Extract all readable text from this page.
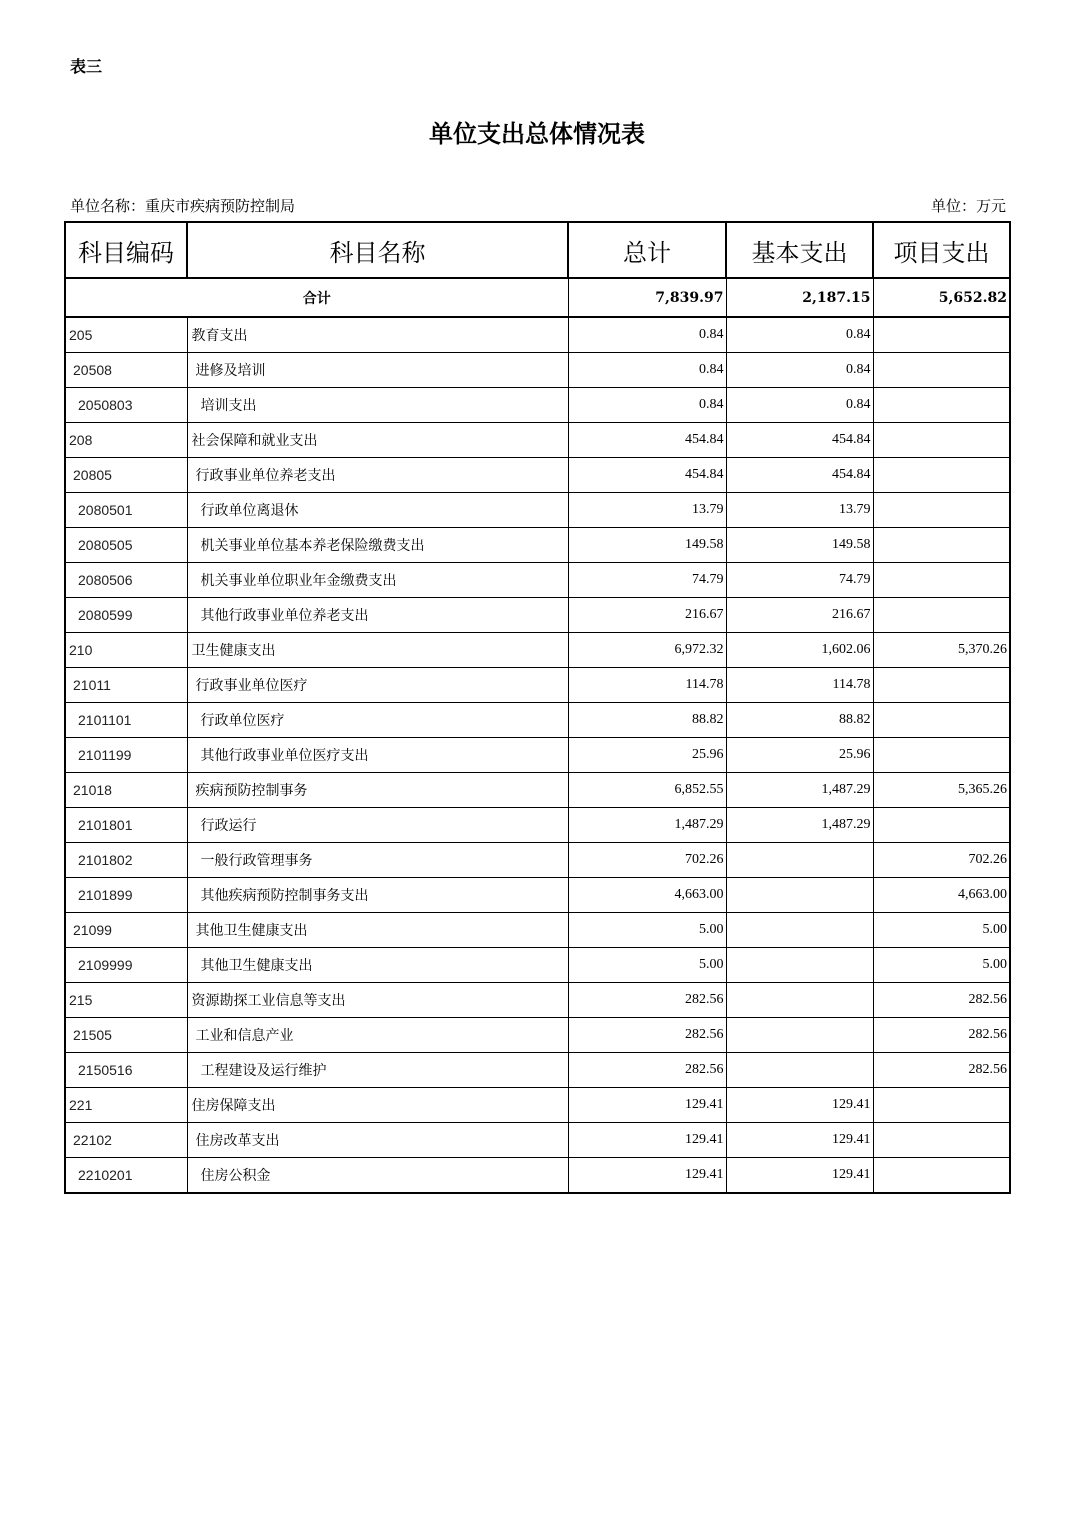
表三
单位支出总体情况表
单位名称：重庆市疾病预防控制局	单位：万元
科目编码	科目名称	总计	基本支出	项目支出
合计		7,839.97	2,187.15	5,652.82
205	教育支出	0.84	0.84	
20508	进修及培训	0.84	0.84	
2050803	培训支出	0.84	0.84	
208	社会保障和就业支出	454.84	454.84	
20805	行政事业单位养老支出	454.84	454.84	
2080501	行政单位离退休	13.79	13.79	
2080505	机关事业单位基本养老保险缴费支出	149.58	149.58	
2080506	机关事业单位职业年金缴费支出	74.79	74.79	
2080599	其他行政事业单位养老支出	216.67	216.67	
210	卫生健康支出	6,972.32	1,602.06	5,370.26
21011	行政事业单位医疗	114.78	114.78	
2101101	行政单位医疗	88.82	88.82	
2101199	其他行政事业单位医疗支出	25.96	25.96	
21018	疾病预防控制事务	6,852.55	1,487.29	5,365.26
2101801	行政运行	1,487.29	1,487.29	
2101802	一般行政管理事务	702.26		702.26
2101899	其他疾病预防控制事务支出	4,663.00		4,663.00
21099	其他卫生健康支出	5.00		5.00
2109999	其他卫生健康支出	5.00		5.00
215	资源勘探工业信息等支出	282.56		282.56
21505	工业和信息产业	282.56		282.56
2150516	工程建设及运行维护	282.56		282.56
221	住房保障支出	129.41	129.41	
22102	住房改革支出	129.41	129.41	
2210201	住房公积金	129.41	129.41	
